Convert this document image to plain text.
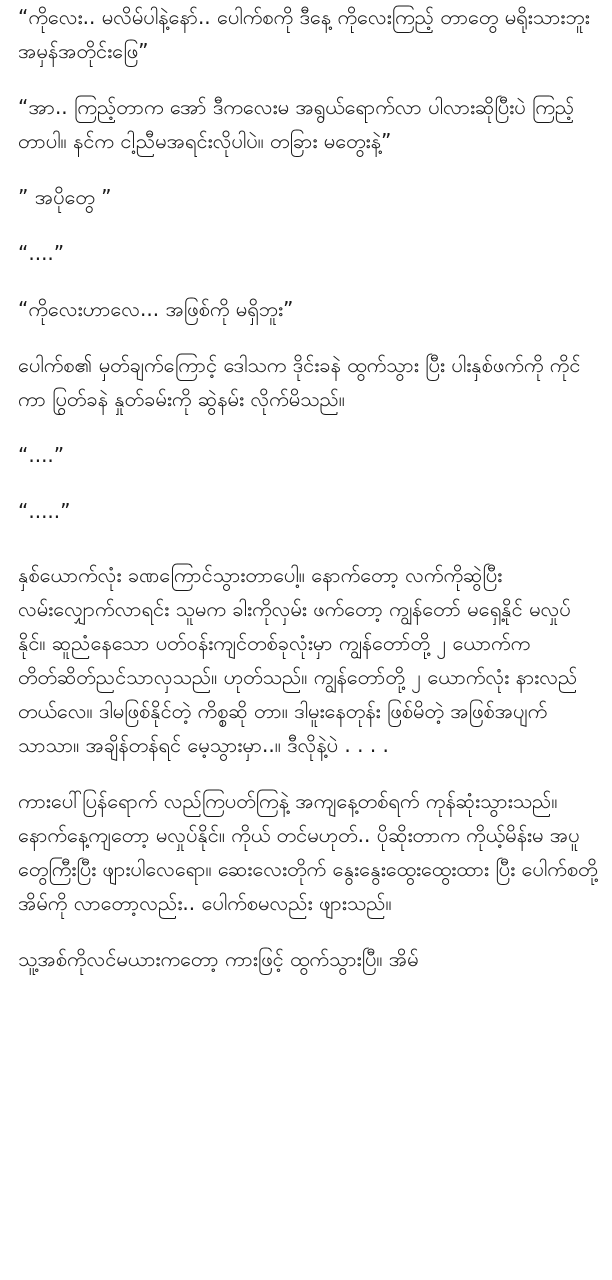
“ကိုလေး.. မလိမ်ပါနဲ့နော်.. ပေါက်စကို ဒီနေ့ ကိုလေးကြည့် တာတွေ မရိုးသားဘူး အမှန်အတိုင်းဖြေ”

“အာ.. ကြည့်တာက အော် ဒီကလေးမ အရွယ်ရောက်လာ ပါလားဆိုပြီးပဲ ကြည့်တာပါ။ နင်က ငါ့ညီမအရင်းလိုပါပဲ။ တခြား မတွေးနဲ့”

” အပိုတွေ ”

“....”

“ကိုလေးဟာလေ... အဖြစ်ကို မရှိဘူး”

ပေါက်စ၏ မှတ်ချက်ကြောင့် ဒေါသက ဒိုင်းခနဲ ထွက်သွား ပြီး ပါးနှစ်ဖက်ကို ကိုင်ကာ ပြွတ်ခနဲ နှုတ်ခမ်းကို ဆွဲနမ်း လိုက်မိသည်။

“....”

“.....”

နှစ်ယောက်လုံး ခဏကြောင်သွားတာပေါ့။ နောက်တော့ လက်ကိုဆွဲပြီး လမ်းလျှောက်လာရင်း သူမက ခါးကိုလှမ်း ဖက်တော့ ကျွန်တော် မရှေ့နိုင် မလှုပ်နိုင်။ ဆူညံနေသော ပတ်ဝန်းကျင်တစ်ခုလုံးမှာ ကျွန်တော်တို့ ၂ ယောက်က တိတ်ဆိတ်ညင်သာလှသည်။ ဟုတ်သည်။ ကျွန်တော်တို့ ၂ ယောက်လုံး နားလည်တယ်လေ။ ဒါမဖြစ်နိုင်တဲ့ ကိစ္စဆို တာ။ ဒါမူးနေတုန်း ဖြစ်မိတဲ့ အဖြစ်အပျက်သာသာ။ အချိန်တန်ရင် မေ့သွားမှာ..။ ဒီလိုနဲ့ပဲ . . . .

ကားပေါ်ပြန်ရောက် လည်ကြပတ်ကြနဲ့ အကျနေ့တစ်ရက် ကုန်ဆုံးသွားသည်။ နောက်နေ့ကျတော့ မလှုပ်နိုင်။ ကိုယ် တင်မဟုတ်.. ပိုဆိုးတာက ကိုယ့်မိန်းမ အပူတွေကြီးပြီး ဖျားပါလေရော။ ဆေးလေးတိုက် နွေးနွေးထွေးထွေးထား ပြီး ပေါက်စတို့အိမ်ကို လာတော့လည်း.. ပေါက်စမလည်း ဖျားသည်။

သူ့အစ်ကိုလင်မယားကတော့ ကားဖြင့် ထွက်သွားပြီ။ အိမ်
